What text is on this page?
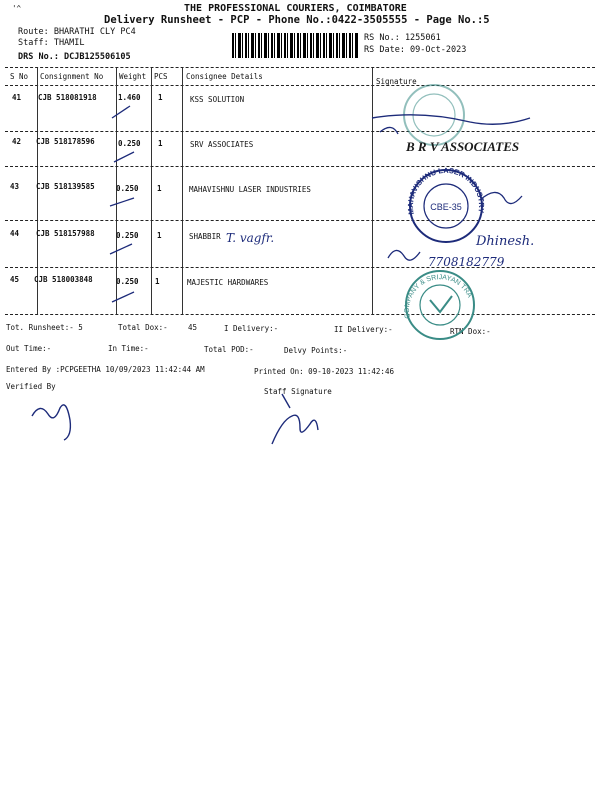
'^	THE PROFESSIONAL COURIERS, COIMBATORE
Delivery Runsheet - PCP - Phone No.:0422-3505555 - Page No.:5
Route: BHARATHI CLY PC4
Staff: THAMIL
DRS No.: DCJB125506105
RS No.: 1255061
RS Date: 09-Oct-2023
S No Consignment No Weight PCS Consignee Details
Signature
41 CJB 518081918	1.460 1	KSS SOLUTION
42 CJB 518178596	0.250 1	SRV ASSOCIATES
43 CJB 518139585	0.250 1	MAHAVISHNU LASER INDUSTRIES
44 CJB 518157988	0.250 1	SHABBIR
45 CJB 518003848	0.250 1	MAJESTIC HARDWARES
Tot. Runsheet:- 5	Total Dox:-	45	I Delivery:-	II Delivery:-	RTN Dox:-
Out Time:-	In Time:-	Total POD:-	Delvy Points:-
Entered By :PCPGEETHA 10/09/2023 11:42:44 AM	Printed On: 09-10-2023 11:42:46
Verified By
Staff Signature
B R V ASSOCIATES
MAHAVISHNU LASER INDUSTRY
CBE-35
T. vagfr.	Dhinesh.
7708182779
COMPANY & SRIJAYAN TRA
